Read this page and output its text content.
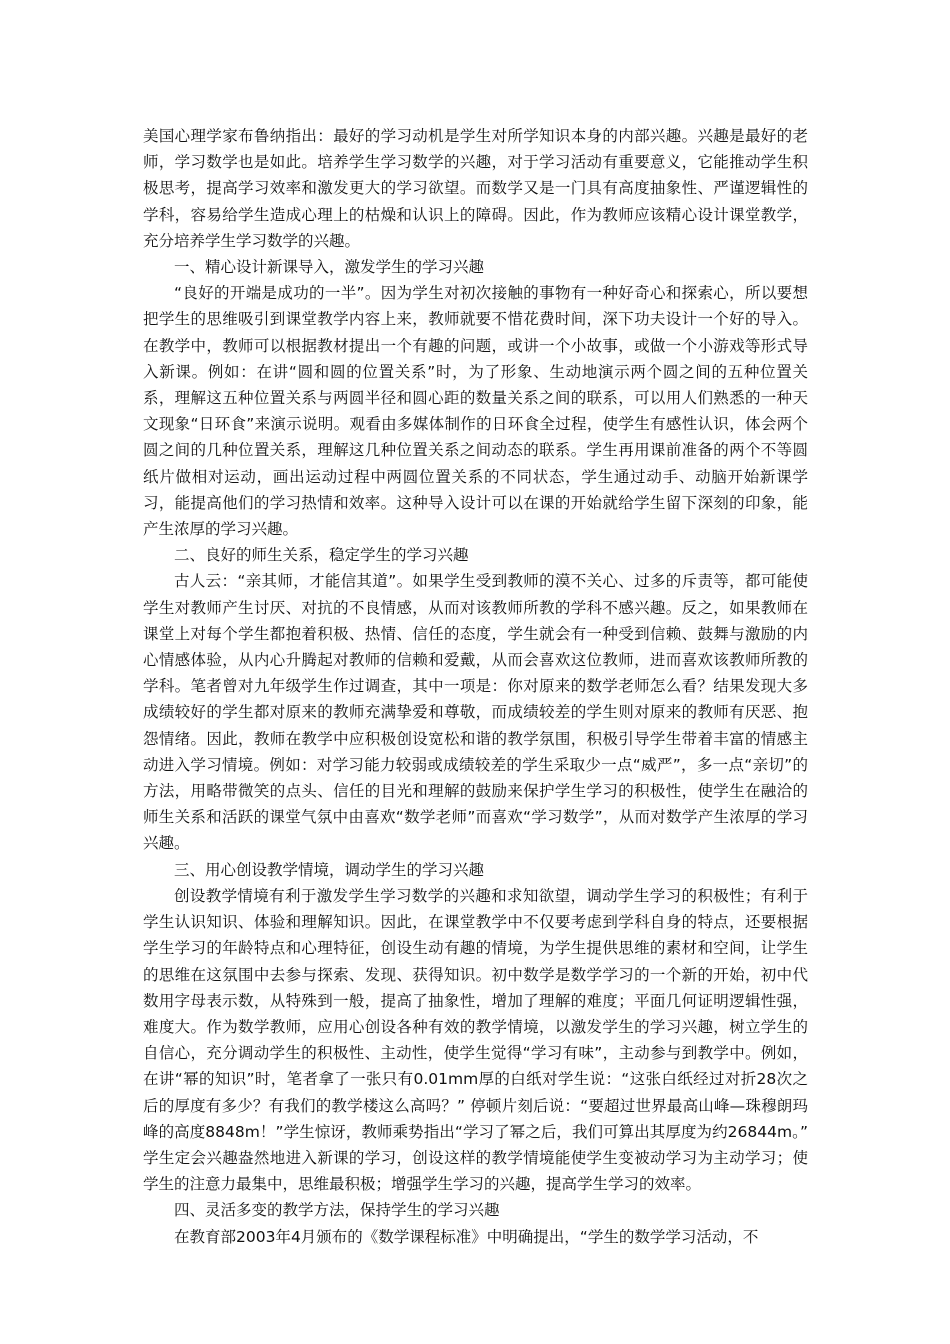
美国心理学家布鲁纳指出：最好的学习动机是学生对所学知识本身的内部兴趣。兴趣是最好的老师，学习数学也是如此。培养学生学习数学的兴趣，对于学习活动有重要意义，它能推动学生积极思考，提高学习效率和激发更大的学习欲望。而数学又是一门具有高度抽象性、严谨逻辑性的学科，容易给学生造成心理上的枯燥和认识上的障碍。因此，作为教师应该精心设计课堂教学，充分培养学生学习数学的兴趣。

一、精心设计新课导入，激发学生的学习兴趣

“良好的开端是成功的一半”。因为学生对初次接触的事物有一种好奇心和探索心，所以要想把学生的思维吸引到课堂教学内容上来，教师就要不惜花费时间，深下功夫设计一个好的导入。在教学中，教师可以根据教材提出一个有趣的问题，或讲一个小故事，或做一个小游戏等形式导入新课。例如：在讲“圆和圆的位置关系”时，为了形象、生动地演示两个圆之间的五种位置关系，理解这五种位置关系与两圆半径和圆心距的数量关系之间的联系，可以用人们熟悉的一种天文现象“日环食”来演示说明。观看由多媒体制作的日环食全过程，使学生有感性认识，体会两个圆之间的几种位置关系，理解这几种位置关系之间动态的联系。学生再用课前准备的两个不等圆纸片做相对运动，画出运动过程中两圆位置关系的不同状态，学生通过动手、动脑开始新课学习，能提高他们的学习热情和效率。这种导入设计可以在课的开始就给学生留下深刻的印象，能产生浓厚的学习兴趣。

二、良好的师生关系，稳定学生的学习兴趣

古人云：“亲其师，才能信其道”。如果学生受到教师的漠不关心、过多的斥责等，都可能使学生对教师产生讨厌、对抗的不良情感，从而对该教师所教的学科不感兴趣。反之，如果教师在课堂上对每个学生都抱着积极、热情、信任的态度，学生就会有一种受到信赖、鼓舞与激励的内心情感体验，从内心升腾起对教师的信赖和爱戴，从而会喜欢这位教师，进而喜欢该教师所教的学科。笔者曾对九年级学生作过调查，其中一项是：你对原来的数学老师怎么看？结果发现大多成绩较好的学生都对原来的教师充满挚爱和尊敬，而成绩较差的学生则对原来的教师有厌恶、抱怨情绪。因此，教师在教学中应积极创设宽松和谐的教学氛围，积极引导学生带着丰富的情感主动进入学习情境。例如：对学习能力较弱或成绩较差的学生采取少一点“威严”，多一点“亲切”的方法，用略带微笑的点头、信任的目光和理解的鼓励来保护学生学习的积极性，使学生在融洽的师生关系和活跃的课堂气氛中由喜欢“数学老师”而喜欢“学习数学”，从而对数学产生浓厚的学习兴趣。

三、用心创设教学情境，调动学生的学习兴趣

创设教学情境有利于激发学生学习数学的兴趣和求知欲望，调动学生学习的积极性；有利于学生认识知识、体验和理解知识。因此，在课堂教学中不仅要考虑到学科自身的特点，还要根据学生学习的年龄特点和心理特征，创设生动有趣的情境，为学生提供思维的素材和空间，让学生的思维在这氛围中去参与探索、发现、获得知识。初中数学是数学学习的一个新的开始，初中代数用字母表示数，从特殊到一般，提高了抽象性，增加了理解的难度；平面几何证明逻辑性强，难度大。作为数学教师，应用心创设各种有效的教学情境，以激发学生的学习兴趣，树立学生的自信心，充分调动学生的积极性、主动性，使学生觉得“学习有味”，主动参与到教学中。例如，在讲“幂的知识”时，笔者拿了一张只有0.01mm厚的白纸对学生说：“这张白纸经过对折28次之后的厚度有多少？有我们的教学楼这么高吗？” 停顿片刻后说：“要超过世界最高山峰—珠穆朗玛峰的高度8848m！”学生惊讶，教师乘势指出“学习了幂之后，我们可算出其厚度为约26844m。” 学生定会兴趣盎然地进入新课的学习，创设这样的教学情境能使学生变被动学习为主动学习；使学生的注意力最集中，思维最积极；增强学生学习的兴趣，提高学生学习的效率。

四、灵活多变的教学方法，保持学生的学习兴趣

在教育部2003年4月颁布的《数学课程标准》中明确提出，“学生的数学学习活动，不
